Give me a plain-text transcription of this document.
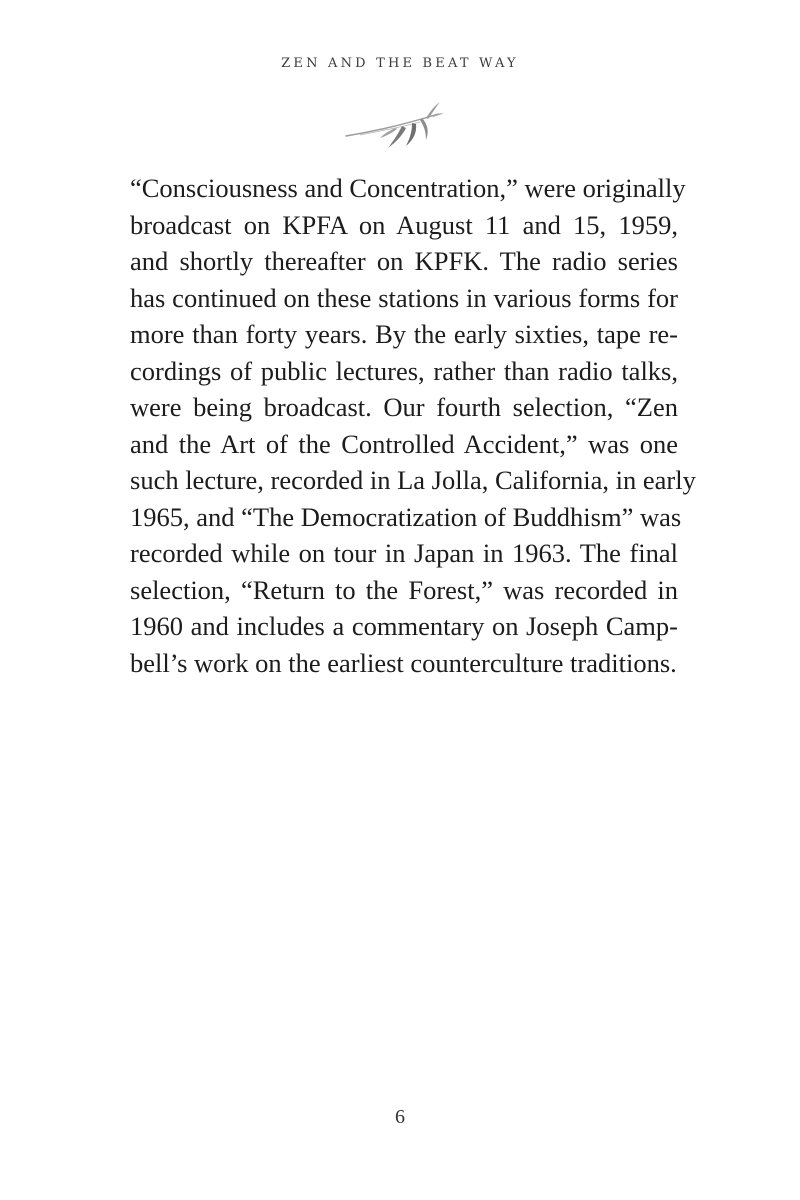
ZEN AND THE BEAT WAY
“Consciousness and Concentration,” were originally
broadcast on KPFA on August 11 and 15, 1959,
and shortly thereafter on KPFK. The radio series
has continued on these stations in various forms for
more than forty years. By the early sixties, tape re-
cordings of public lectures, rather than radio talks,
were being broadcast. Our fourth selection, “Zen
and the Art of the Controlled Accident,” was one
such lecture, recorded in La Jolla, California, in early
1965, and “The Democratization of Buddhism” was
recorded while on tour in Japan in 1963. The final
selection, “Return to the Forest,” was recorded in
1960 and includes a commentary on Joseph Camp-
bell’s work on the earliest counterculture traditions.
6
